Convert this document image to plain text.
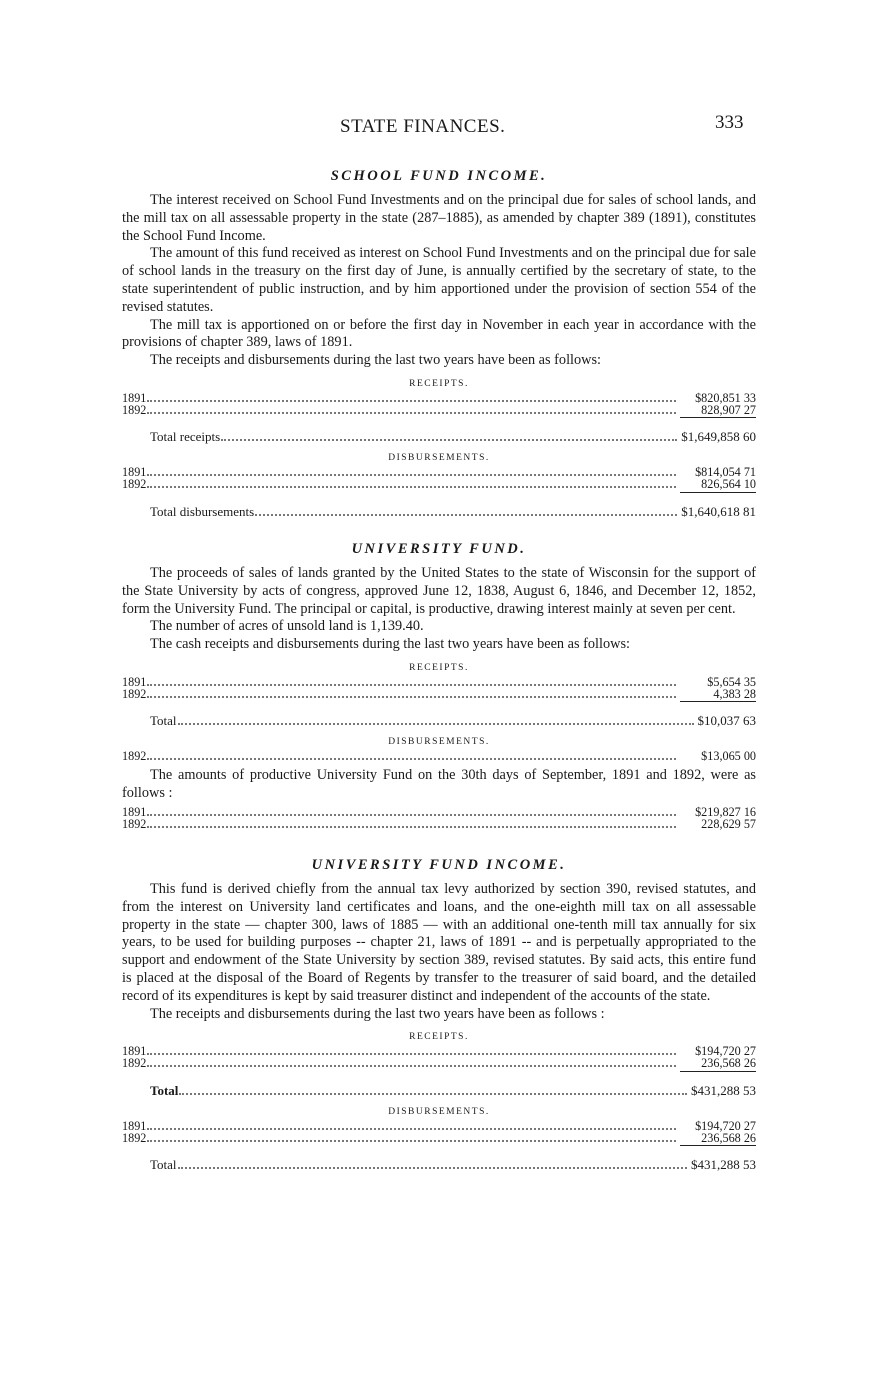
STATE FINANCES.	333
SCHOOL FUND INCOME.

The interest received on School Fund Investments and on the principal due for sales of school lands, and the mill tax on all assessable property in the state (287–1885), as amended by chapter 389 (1891), constitutes the School Fund Income.

The amount of this fund received as interest on School Fund Investments and on the principal due for sale of school lands in the treasury on the first day of June, is annually certified by the secretary of state, to the state superintendent of public instruction, and by him apportioned under the provision of section 554 of the revised statutes.

The mill tax is apportioned on or before the first day in November in each year in accordance with the provisions of chapter 389, laws of 1891.

The receipts and disbursements during the last two years have been as follows:

RECEIPTS.
1891	$820,851 33
1892	828,907 27
Total receipts	$1,649,858 60
DISBURSEMENTS.
1891	$814,054 71
1892	826,564 10
Total disbursements	$1,640,618 81
UNIVERSITY FUND.

The proceeds of sales of lands granted by the United States to the state of Wisconsin for the support of the State University by acts of congress, approved June 12, 1838, August 6, 1846, and December 12, 1852, form the University Fund. The principal or capital, is productive, drawing interest mainly at seven per cent.

The number of acres of unsold land is 1,139.40.

The cash receipts and disbursements during the last two years have been as follows:

RECEIPTS.
1891	$5,654 35
1892	4,383 28
Total	$10,037 63
DISBURSEMENTS.
1892	$13,065 00

The amounts of productive University Fund on the 30th days of September, 1891 and 1892, were as follows :

1891	$219,827 16
1892	228,629 57
UNIVERSITY FUND INCOME.

This fund is derived chiefly from the annual tax levy authorized by section 390, revised statutes, and from the interest on University land certificates and loans, and the one-eighth mill tax on all assessable property in the state — chapter 300, laws of 1885 — with an additional one-tenth mill tax annually for six years, to be used for building purposes -- chapter 21, laws of 1891 -- and is perpetually appropriated to the support and endowment of the State University by section 389, revised statutes. By said acts, this entire fund is placed at the disposal of the Board of Regents by transfer to the treasurer of said board, and the detailed record of its expenditures is kept by said treasurer distinct and independent of the accounts of the state.

The receipts and disbursements during the last two years have been as follows :

RECEIPTS.
1891	$194,720 27
1892	236,568 26
Total	$431,288 53
DISBURSEMENTS.
1891	$194,720 27
1892	236,568 26
Total	$431,288 53
